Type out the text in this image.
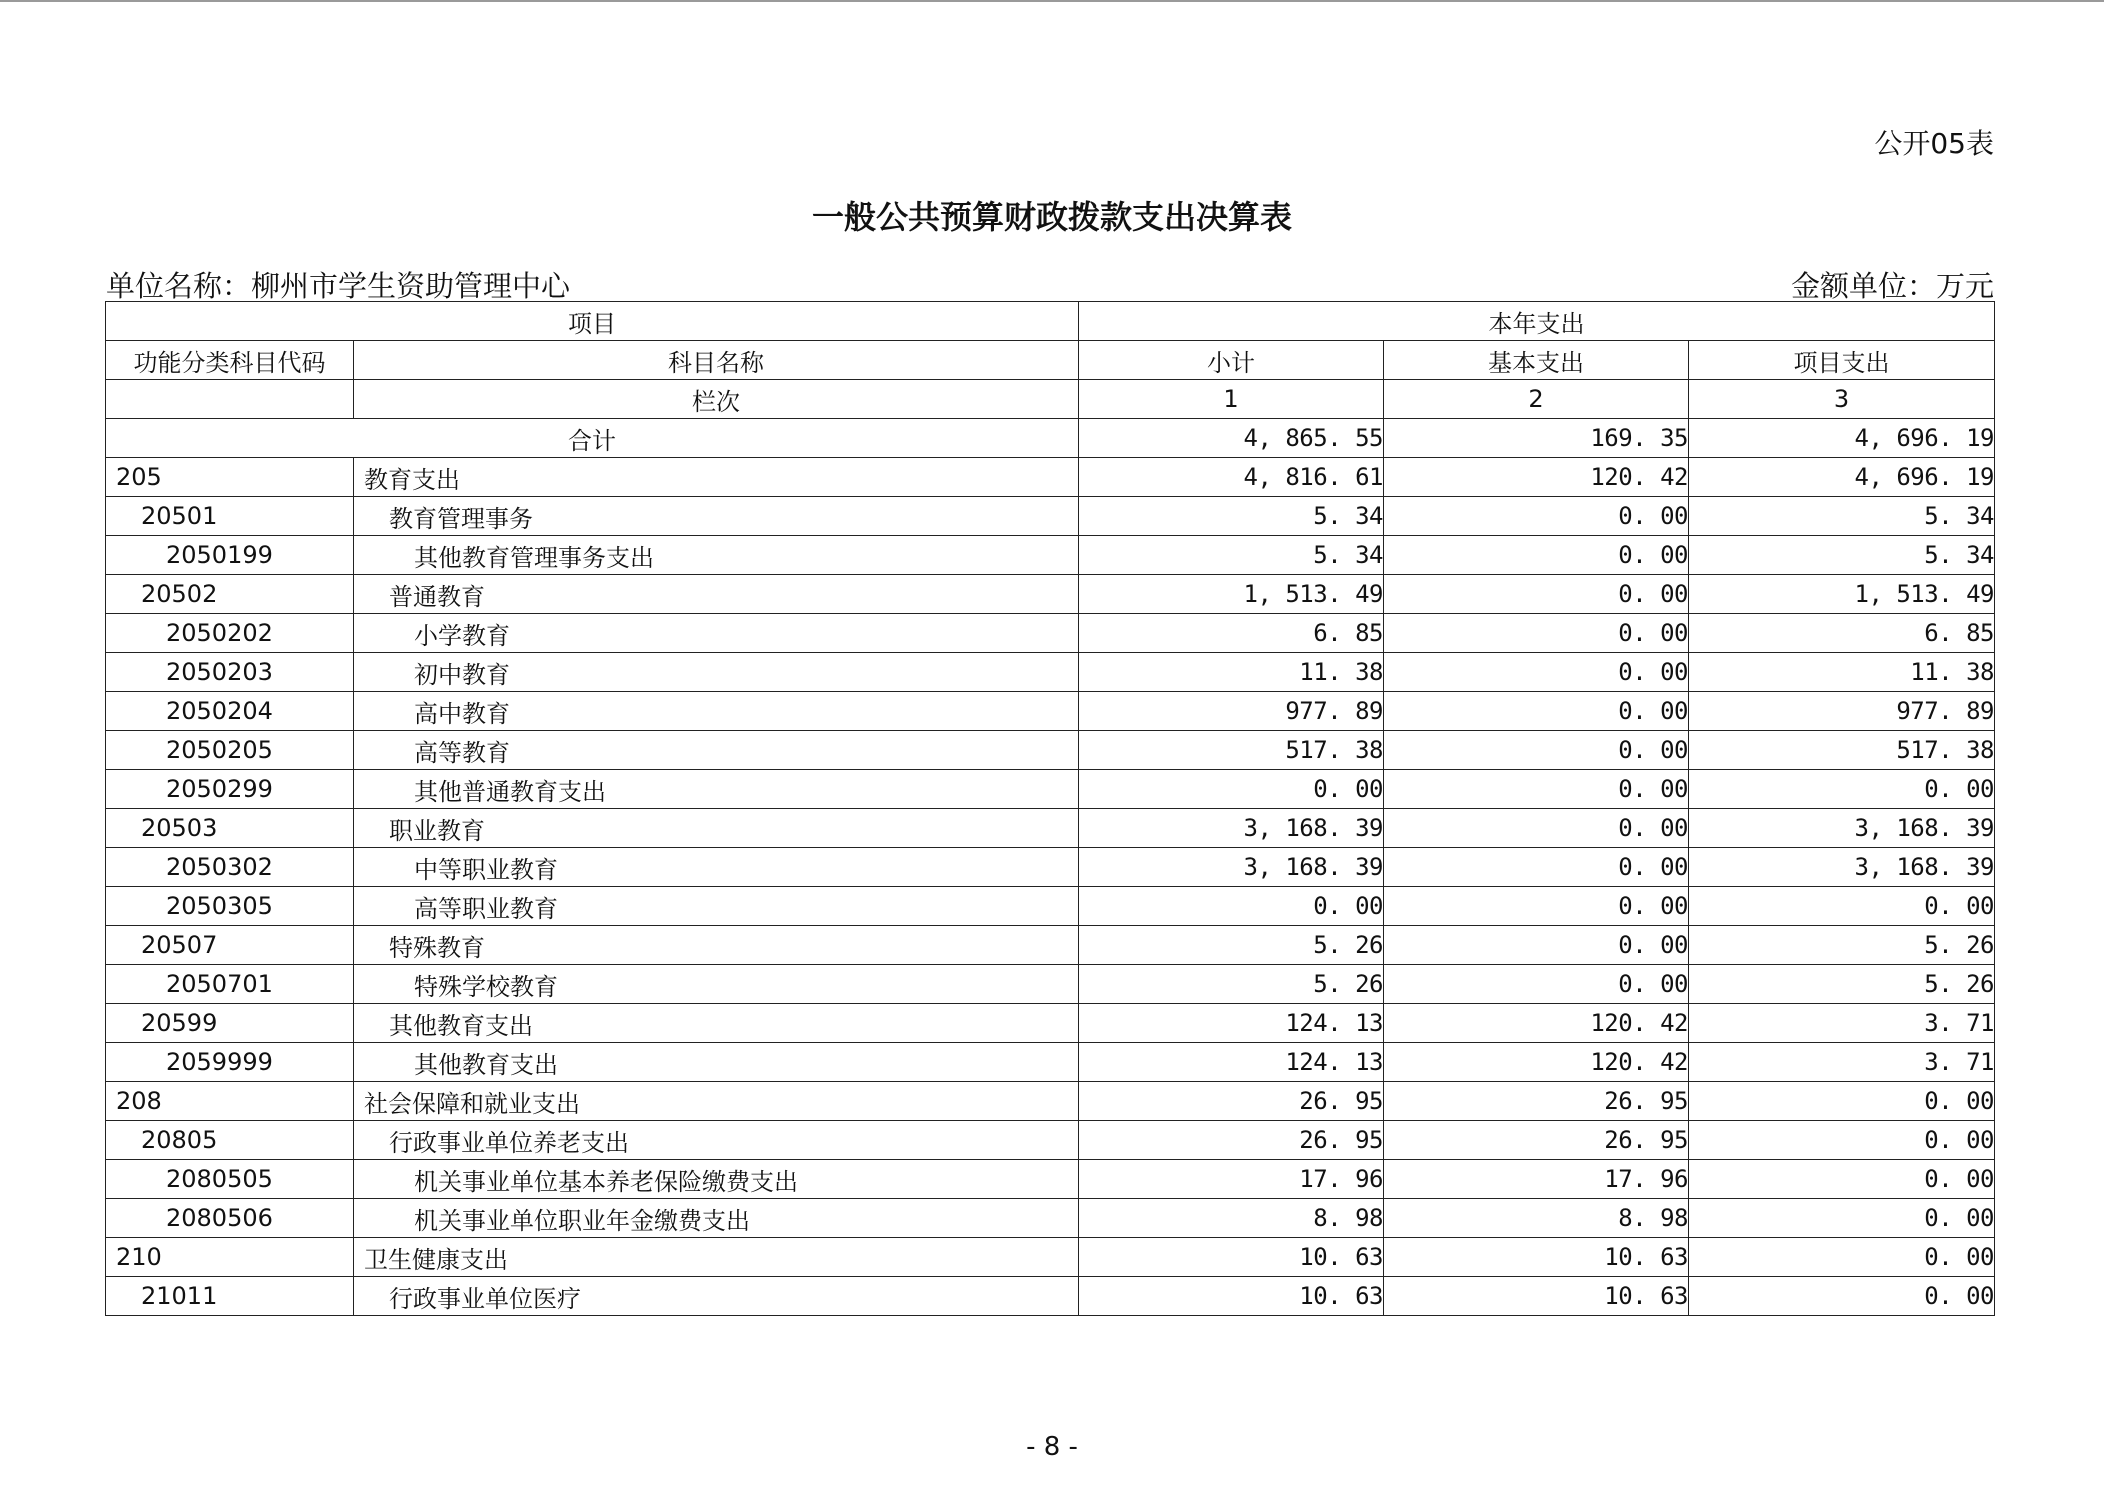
公开05表
一般公共预算财政拨款支出决算表
单位名称：柳州市学生资助管理中心	金额单位：万元
项目		本年支出		
功能分类科目代码	科目名称	小计	基本支出	项目支出
	栏次	1	2	3
合计		4, 865. 55	169. 35	4, 696. 19
205	教育支出	4, 816. 61	120. 42	4, 696. 19
20501	教育管理事务	5. 34	0. 00	5. 34
2050199	其他教育管理事务支出	5. 34	0. 00	5. 34
20502	普通教育	1, 513. 49	0. 00	1, 513. 49
2050202	小学教育	6. 85	0. 00	6. 85
2050203	初中教育	11. 38	0. 00	11. 38
2050204	高中教育	977. 89	0. 00	977. 89
2050205	高等教育	517. 38	0. 00	517. 38
2050299	其他普通教育支出	0. 00	0. 00	0. 00
20503	职业教育	3, 168. 39	0. 00	3, 168. 39
2050302	中等职业教育	3, 168. 39	0. 00	3, 168. 39
2050305	高等职业教育	0. 00	0. 00	0. 00
20507	特殊教育	5. 26	0. 00	5. 26
2050701	特殊学校教育	5. 26	0. 00	5. 26
20599	其他教育支出	124. 13	120. 42	3. 71
2059999	其他教育支出	124. 13	120. 42	3. 71
208	社会保障和就业支出	26. 95	26. 95	0. 00
20805	行政事业单位养老支出	26. 95	26. 95	0. 00
2080505	机关事业单位基本养老保险缴费支出	17. 96	17. 96	0. 00
2080506	机关事业单位职业年金缴费支出	8. 98	8. 98	0. 00
210	卫生健康支出	10. 63	10. 63	0. 00
21011	行政事业单位医疗	10. 63	10. 63	0. 00
- 8 -
